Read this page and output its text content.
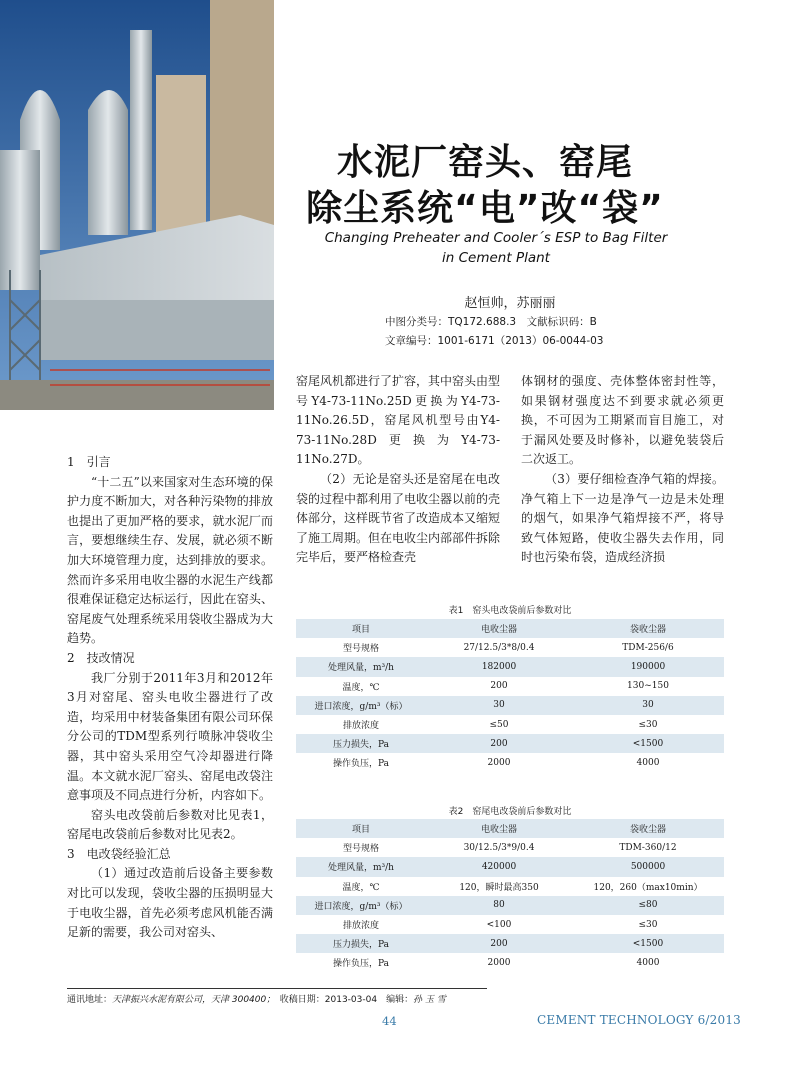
水泥厂窑头、窑尾
除尘系统“电”改“袋”
Changing Preheater and Cooler´s ESP to Bag Filter
in Cement Plant
赵恒帅，苏丽丽
中图分类号：TQ172.688.3　文献标识码：B
文章编号：1001-6171（2013）06-0044-03

1　引言

“十二五”以来国家对生态环境的保护力度不断加大，对各种污染物的排放也提出了更加严格的要求，就水泥厂而言，要想继续生存、发展，就必须不断加大环境管理力度，达到排放的要求。然而许多采用电收尘器的水泥生产线都很难保证稳定达标运行，因此在窑头、窑尾废气处理系统采用袋收尘器成为大趋势。

2　技改情况

我厂分别于2011年3月和2012年3月对窑尾、窑头电收尘器进行了改造，均采用中材装备集团有限公司环保分公司的TDM型系列行喷脉冲袋收尘器，其中窑头采用空气冷却器进行降温。本文就水泥厂窑头、窑尾电改袋注意事项及不同点进行分析，内容如下。

窑头电改袋前后参数对比见表1，窑尾电改袋前后参数对比见表2。

3　电改袋经验汇总

（1）通过改造前后设备主要参数对比可以发现，袋收尘器的压损明显大于电收尘器，首先必须考虑风机能否满足新的需要，我公司对窑头、

窑尾风机都进行了扩容，其中窑头由型号Y4-73-11No.25D更换为Y4-73-11No.26.5D，窑尾风机型号由Y4-73-11No.28D更换为Y4-73-11No.27D。

（2）无论是窑头还是窑尾在电改袋的过程中都利用了电收尘器以前的壳体部分，这样既节省了改造成本又缩短了施工周期。但在电收尘内部部件拆除完毕后，要严格检查壳

体钢材的强度、壳体整体密封性等，如果钢材强度达不到要求就必须更换，不可因为工期紧而盲目施工，对于漏风处要及时修补，以避免装袋后二次返工。

（3）要仔细检查净气箱的焊接。净气箱上下一边是净气一边是未处理的烟气，如果净气箱焊接不严，将导致气体短路，使收尘器失去作用，同时也污染布袋，造成经济损

表1　窑头电改袋前后参数对比
项目	电收尘器	袋收尘器
型号规格	27/12.5/3*8/0.4	TDM-256/6
处理风量，m³/h	182000	190000
温度，℃	200	130~150
进口浓度，g/m³（标）	30	30
排放浓度	≤50	≤30
压力损失，Pa	200	<1500
操作负压，Pa	2000	4000
表2　窑尾电改袋前后参数对比
项目	电收尘器	袋收尘器
型号规格	30/12.5/3*9/0.4	TDM-360/12
处理风量，m³/h	420000	500000
温度，℃	120，瞬时最高350	120，260（max10min）
进口浓度，g/m³（标）	80	≤80
排放浓度	<100	≤30
压力损失，Pa	200	<1500
操作负压，Pa	2000	4000
通讯地址：天津振兴水泥有限公司，天津 300400；　 收稿日期：2013-03-04　 编辑：孙 玉 雪
44	CEMENT TECHNOLOGY 6/2013
